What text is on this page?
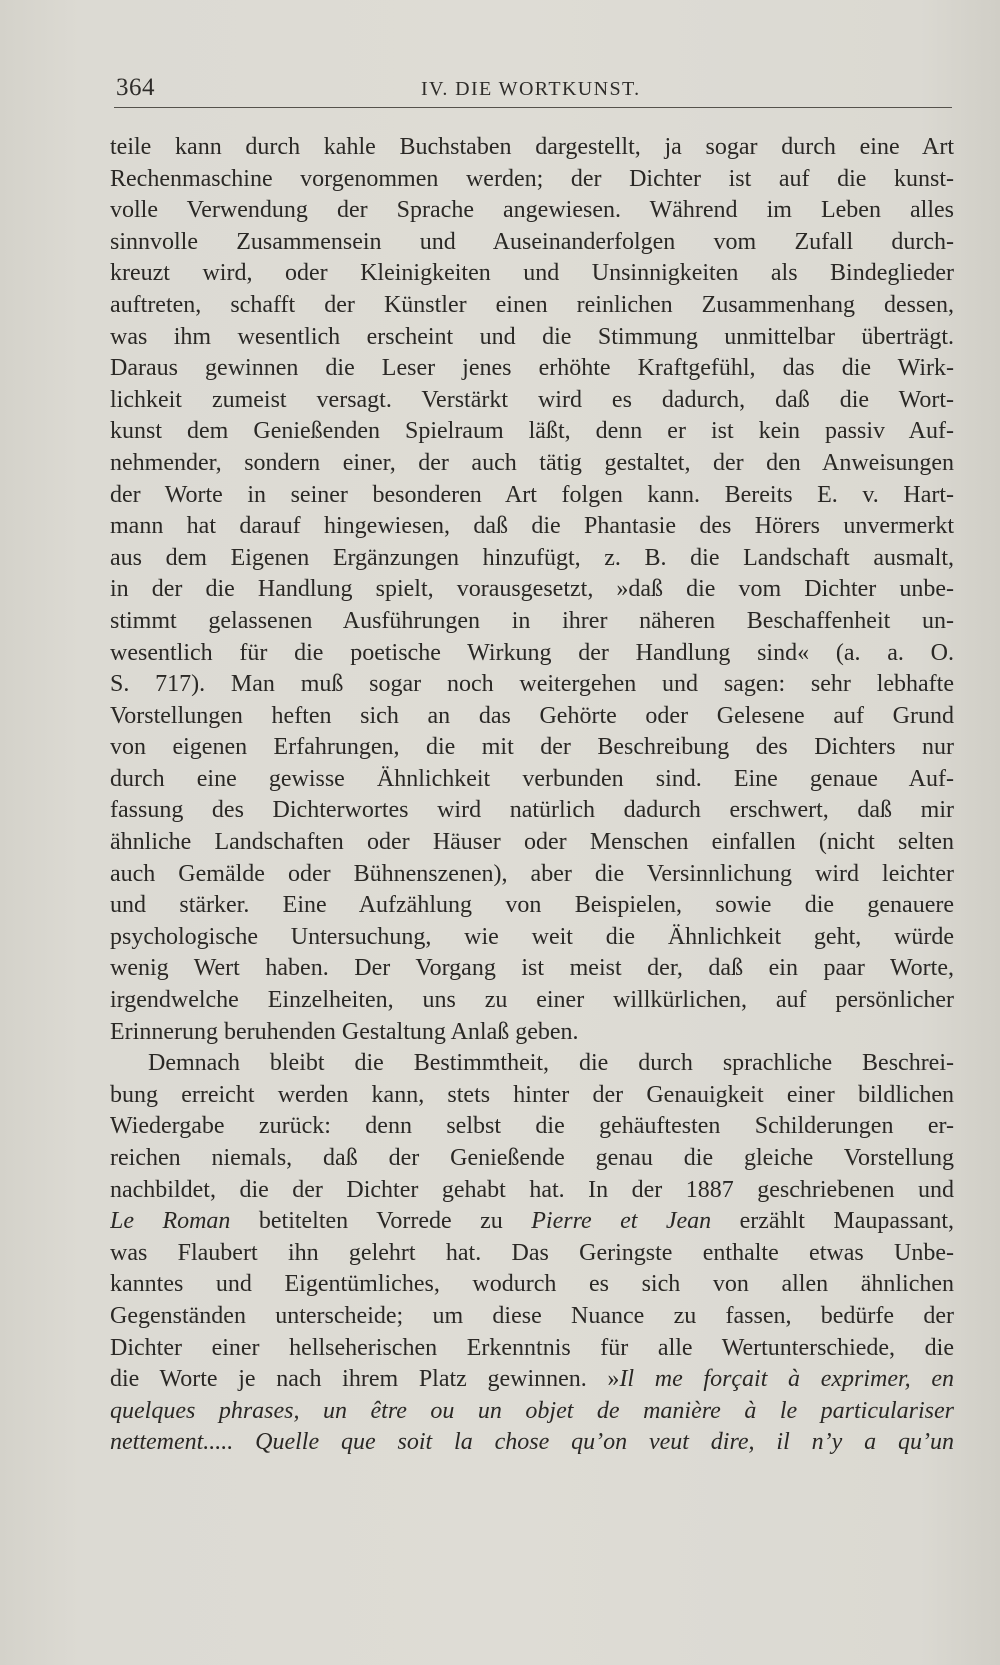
364	IV. DIE WORTKUNST.
teile kann durch kahle Buchstaben dargestellt, ja sogar durch eine Art
Rechenmaschine vorgenommen werden; der Dichter ist auf die kunst-
volle Verwendung der Sprache angewiesen. Während im Leben alles
sinnvolle Zusammensein und Auseinanderfolgen vom Zufall durch-
kreuzt wird, oder Kleinigkeiten und Unsinnigkeiten als Bindeglieder
auftreten, schafft der Künstler einen reinlichen Zusammenhang dessen,
was ihm wesentlich erscheint und die Stimmung unmittelbar überträgt.
Daraus gewinnen die Leser jenes erhöhte Kraftgefühl, das die Wirk-
lichkeit zumeist versagt. Verstärkt wird es dadurch, daß die Wort-
kunst dem Genießenden Spielraum läßt, denn er ist kein passiv Auf-
nehmender, sondern einer, der auch tätig gestaltet, der den Anweisungen
der Worte in seiner besonderen Art folgen kann. Bereits E. v. Hart-
mann hat darauf hingewiesen, daß die Phantasie des Hörers unvermerkt
aus dem Eigenen Ergänzungen hinzufügt, z. B. die Landschaft ausmalt,
in der die Handlung spielt, vorausgesetzt, »daß die vom Dichter unbe-
stimmt gelassenen Ausführungen in ihrer näheren Beschaffenheit un-
wesentlich für die poetische Wirkung der Handlung sind« (a. a. O.
S. 717). Man muß sogar noch weitergehen und sagen: sehr lebhafte
Vorstellungen heften sich an das Gehörte oder Gelesene auf Grund
von eigenen Erfahrungen, die mit der Beschreibung des Dichters nur
durch eine gewisse Ähnlichkeit verbunden sind. Eine genaue Auf-
fassung des Dichterwortes wird natürlich dadurch erschwert, daß mir
ähnliche Landschaften oder Häuser oder Menschen einfallen (nicht selten
auch Gemälde oder Bühnenszenen), aber die Versinnlichung wird leichter
und stärker. Eine Aufzählung von Beispielen, sowie die genauere
psychologische Untersuchung, wie weit die Ähnlichkeit geht, würde
wenig Wert haben. Der Vorgang ist meist der, daß ein paar Worte,
irgendwelche Einzelheiten, uns zu einer willkürlichen, auf persönlicher
Erinnerung beruhenden Gestaltung Anlaß geben.
Demnach bleibt die Bestimmtheit, die durch sprachliche Beschrei-
bung erreicht werden kann, stets hinter der Genauigkeit einer bildlichen
Wiedergabe zurück: denn selbst die gehäuftesten Schilderungen er-
reichen niemals, daß der Genießende genau die gleiche Vorstellung
nachbildet, die der Dichter gehabt hat. In der 1887 geschriebenen und
Le Roman betitelten Vorrede zu Pierre et Jean erzählt Maupassant,
was Flaubert ihn gelehrt hat. Das Geringste enthalte etwas Unbe-
kanntes und Eigentümliches, wodurch es sich von allen ähnlichen
Gegenständen unterscheide; um diese Nuance zu fassen, bedürfe der
Dichter einer hellseherischen Erkenntnis für alle Wertunterschiede, die
die Worte je nach ihrem Platz gewinnen. »Il me forçait à exprimer, en
quelques phrases, un être ou un objet de manière à le particulariser
nettement..... Quelle que soit la chose qu’on veut dire, il n’y a qu’un
